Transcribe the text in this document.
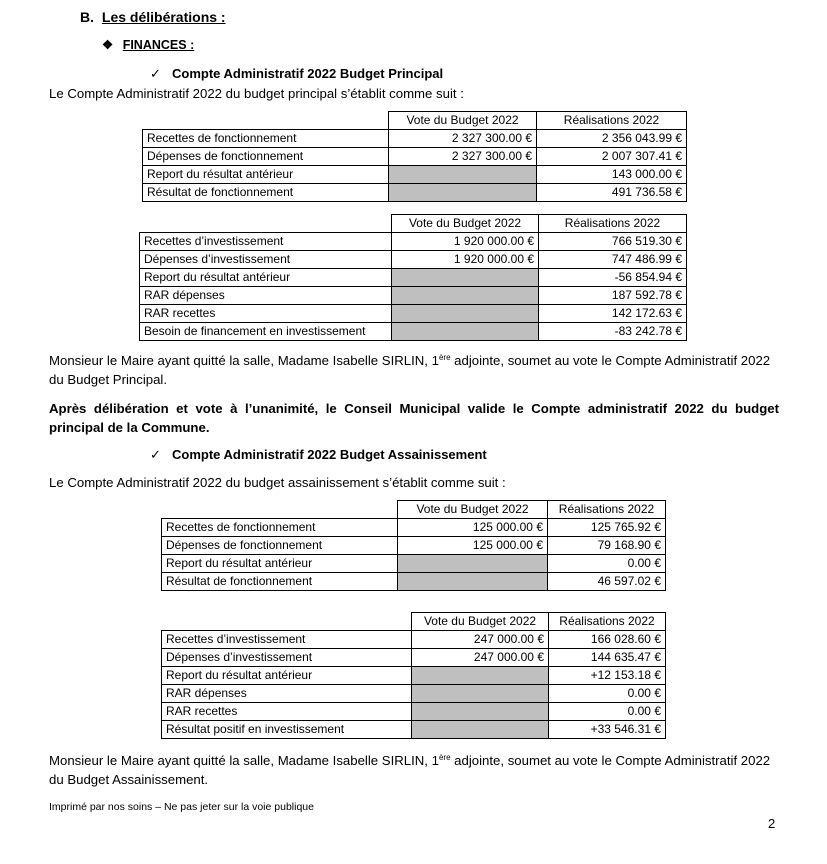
B. Les délibérations :
❖ FINANCES :
✓ Compte Administratif 2022 Budget Principal
Le Compte Administratif 2022 du budget principal s’établit comme suit :
	Vote du Budget 2022	Réalisations 2022
Recettes de fonctionnement	2 327 300.00 €	2 356 043.99 €
Dépenses de fonctionnement	2 327 300.00 €	2 007 307.41 €
Report du résultat antérieur		143 000.00 €
Résultat de fonctionnement		491 736.58 €
	Vote du Budget 2022	Réalisations 2022
Recettes d’investissement	1 920 000.00 €	766 519.30 €
Dépenses d’investissement	1 920 000.00 €	747 486.99 €
Report du résultat antérieur		-56 854.94 €
RAR dépenses		187 592.78 €
RAR recettes		142 172.63 €
Besoin de financement en investissement		-83 242.78 €
Monsieur le Maire ayant quitté la salle, Madame Isabelle SIRLIN, 1ère adjointe, soumet au vote le Compte Administratif 2022 du Budget Principal.
Après délibération et vote à l’unanimité, le Conseil Municipal valide le Compte administratif 2022 du budget principal de la Commune.
✓ Compte Administratif 2022 Budget Assainissement
Le Compte Administratif 2022 du budget assainissement s’établit comme suit :
	Vote du Budget 2022	Réalisations 2022
Recettes de fonctionnement	125 000.00 €	125 765.92 €
Dépenses de fonctionnement	125 000.00 €	79 168.90 €
Report du résultat antérieur		0.00 €
Résultat de fonctionnement		46 597.02 €
	Vote du Budget 2022	Réalisations 2022
Recettes d’investissement	247 000.00 €	166 028.60 €
Dépenses d’investissement	247 000.00 €	144 635.47 €
Report du résultat antérieur		+12 153.18 €
RAR dépenses		0.00 €
RAR recettes		0.00 €
Résultat positif en investissement		+33 546.31 €
Monsieur le Maire ayant quitté la salle, Madame Isabelle SIRLIN, 1ère adjointe, soumet au vote le Compte Administratif 2022 du Budget Assainissement.
Imprimé par nos soins – Ne pas jeter sur la voie publique
2
